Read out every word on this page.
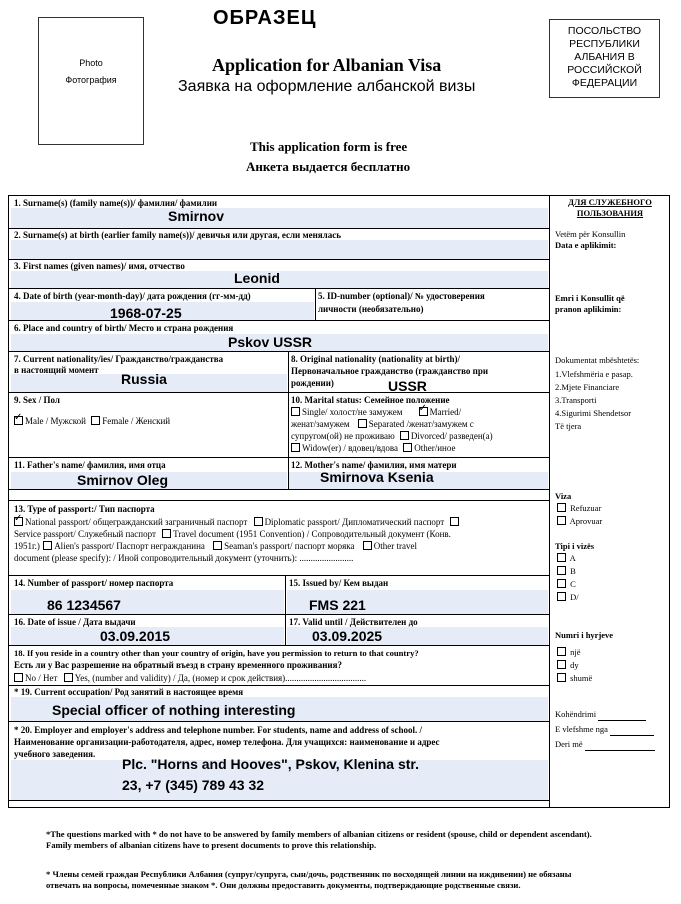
Photo
Фотография
ОБРАЗЕЦ
Application for Albanian Visa
Заявка на оформление албанской визы
ПОСОЛЬСТВО
РЕСПУБЛИКИ
АЛБАНИЯ В
РОССИЙСКОЙ
ФЕДЕРАЦИИ
This application form is free
Анкета выдается бесплатно
1. Surname(s) (family name(s))/ фамилия/ фамилии
Smirnov
2. Surname(s) at birth (earlier family name(s))/ девичья или другая, если менялась
3. First names (given names)/ имя, отчество
Leonid
4. Date of birth (year-month-day)/ дата рождения (гг-мм-дд)
1968-07-25
5. ID-number (optional)/ № удостоверения
личности (необязательно)
6. Place and country of birth/ Место и страна рождения
Pskov USSR
7. Current nationality/ies/ Гражданство/гражданства
в настоящий момент
Russia
8. Original nationality (nationality at birth)/
Первоначальное гражданство (гражданство при
рождении)	USSR
9. Sex / Пол
✓Male / Мужской Female / Женский
10. Marital status: Семейное положение
Single/ холост/не замужем ✓	Married/
женат/замужем Separated /женат/замужем с
супругом(ой) не проживаю Divorced/ разведен(а)
Widow(er) / вдовец/вдова Other/иное
11. Father's name/ фамилия, имя отца
Smirnov Oleg
12. Mother's name/ фамилия, имя матери
Smirnova Ksenia
13. Type of passport:/ Тип паспорта
✓National passport/ общегражданский заграничный паспорт Diplomatic passport/ Дипломатический паспорт
Service passport/ Служебный паспорт Travel document (1951 Convention) / Сопроводительный документ (Конв.
1951г.) Alien's passport/ Паспорт неграждaнина Seaman's passport/ паспорт моряка Other travel
document (please specify): / Иной сопроводительный документ (уточнить): ........................
14. Number of passport/ номер паспорта
86 1234567
15. Issued by/ Кем выдан
FMS 221
16. Date of issue / Дата выдачи
03.09.2015
17. Valid until / Действителен до
03.09.2025
18. If you reside in a country other than your country of origin, have you permission to return to that country?
Есть ли у Вас разрешение на обратный въезд в страну временного проживания?
No / Нет Yes, (number and validity) / Да, (номер и срок действия)....................................
* 19. Current occupation/ Род занятий в настоящее время
Special officer of nothing interesting
* 20. Employer and employer's address and telephone number. For students, name and address of school. /
Наименование организации-работодателя, адрес, номер телефона. Для учащихся: наименование и адрес
учебного заведения.
Plc. "Horns and Hooves", Pskov, Klenina str.
23, +7 (345) 789 43 32
ДЛЯ СЛУЖЕБНОГО
ПОЛЬЗОВАНИЯ
Vetëm për Konsullin
Data e aplikimit:
Emri i Konsullit që
pranon aplikimin:
Dokumentat mbështetës:
1.Vlefshmëria e pasap.
2.Mjete Financiare
3.Transporti
4.Sigurimi Shendetsor
Të tjera
Viza
Refuzuar
Aprovuar
Tipi i vizës
A
B
C
D/
Numri i hyrjeve
një
dy
shumë
Kohëndrimi
E vlefshme nga
Deri më
*The questions marked with * do not have to be answered by family members of albanian citizens or resident (spouse, child or dependent ascendant). Family members of albanian citizens have to present documents to prove this relationship.
* Члены семей граждан Республики Албания (супруг/супруга, сын/дочь, родственник по восходящей линии на иждивении) не обязаны отвечать на вопросы, помеченные знаком *. Они должны предоставить документы, подтверждающие родственные связи.
